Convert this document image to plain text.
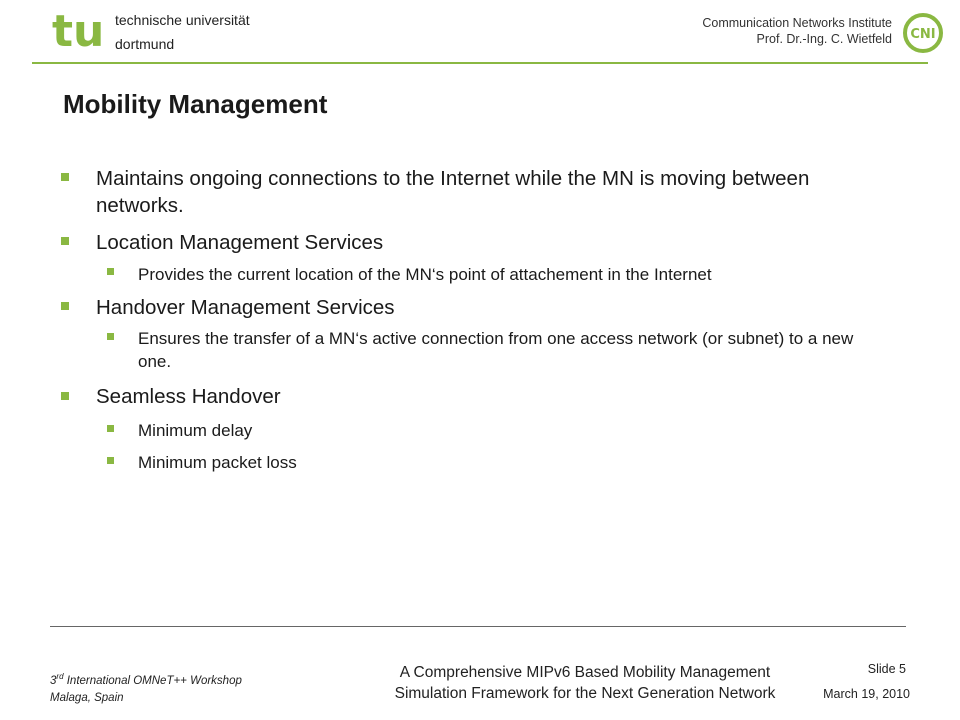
tu technische universität
dortmund
Communication Networks Institute
Prof. Dr.-Ing. C. Wietfeld CNI
Mobility Management
Maintains ongoing connections to the Internet while the MN is moving between networks.
Location Management Services
Provides the current location of the MN‘s point of attachement in the Internet
Handover Management Services
Ensures the transfer of a MN‘s active connection from one access network (or subnet) to a new one.
Seamless Handover
Minimum delay
Minimum packet loss
3rd International OMNeT++ Workshop
Malaga, Spain
A Comprehensive MIPv6 Based Mobility Management
Simulation Framework for the Next Generation Network
Slide 5
March 19, 2010
